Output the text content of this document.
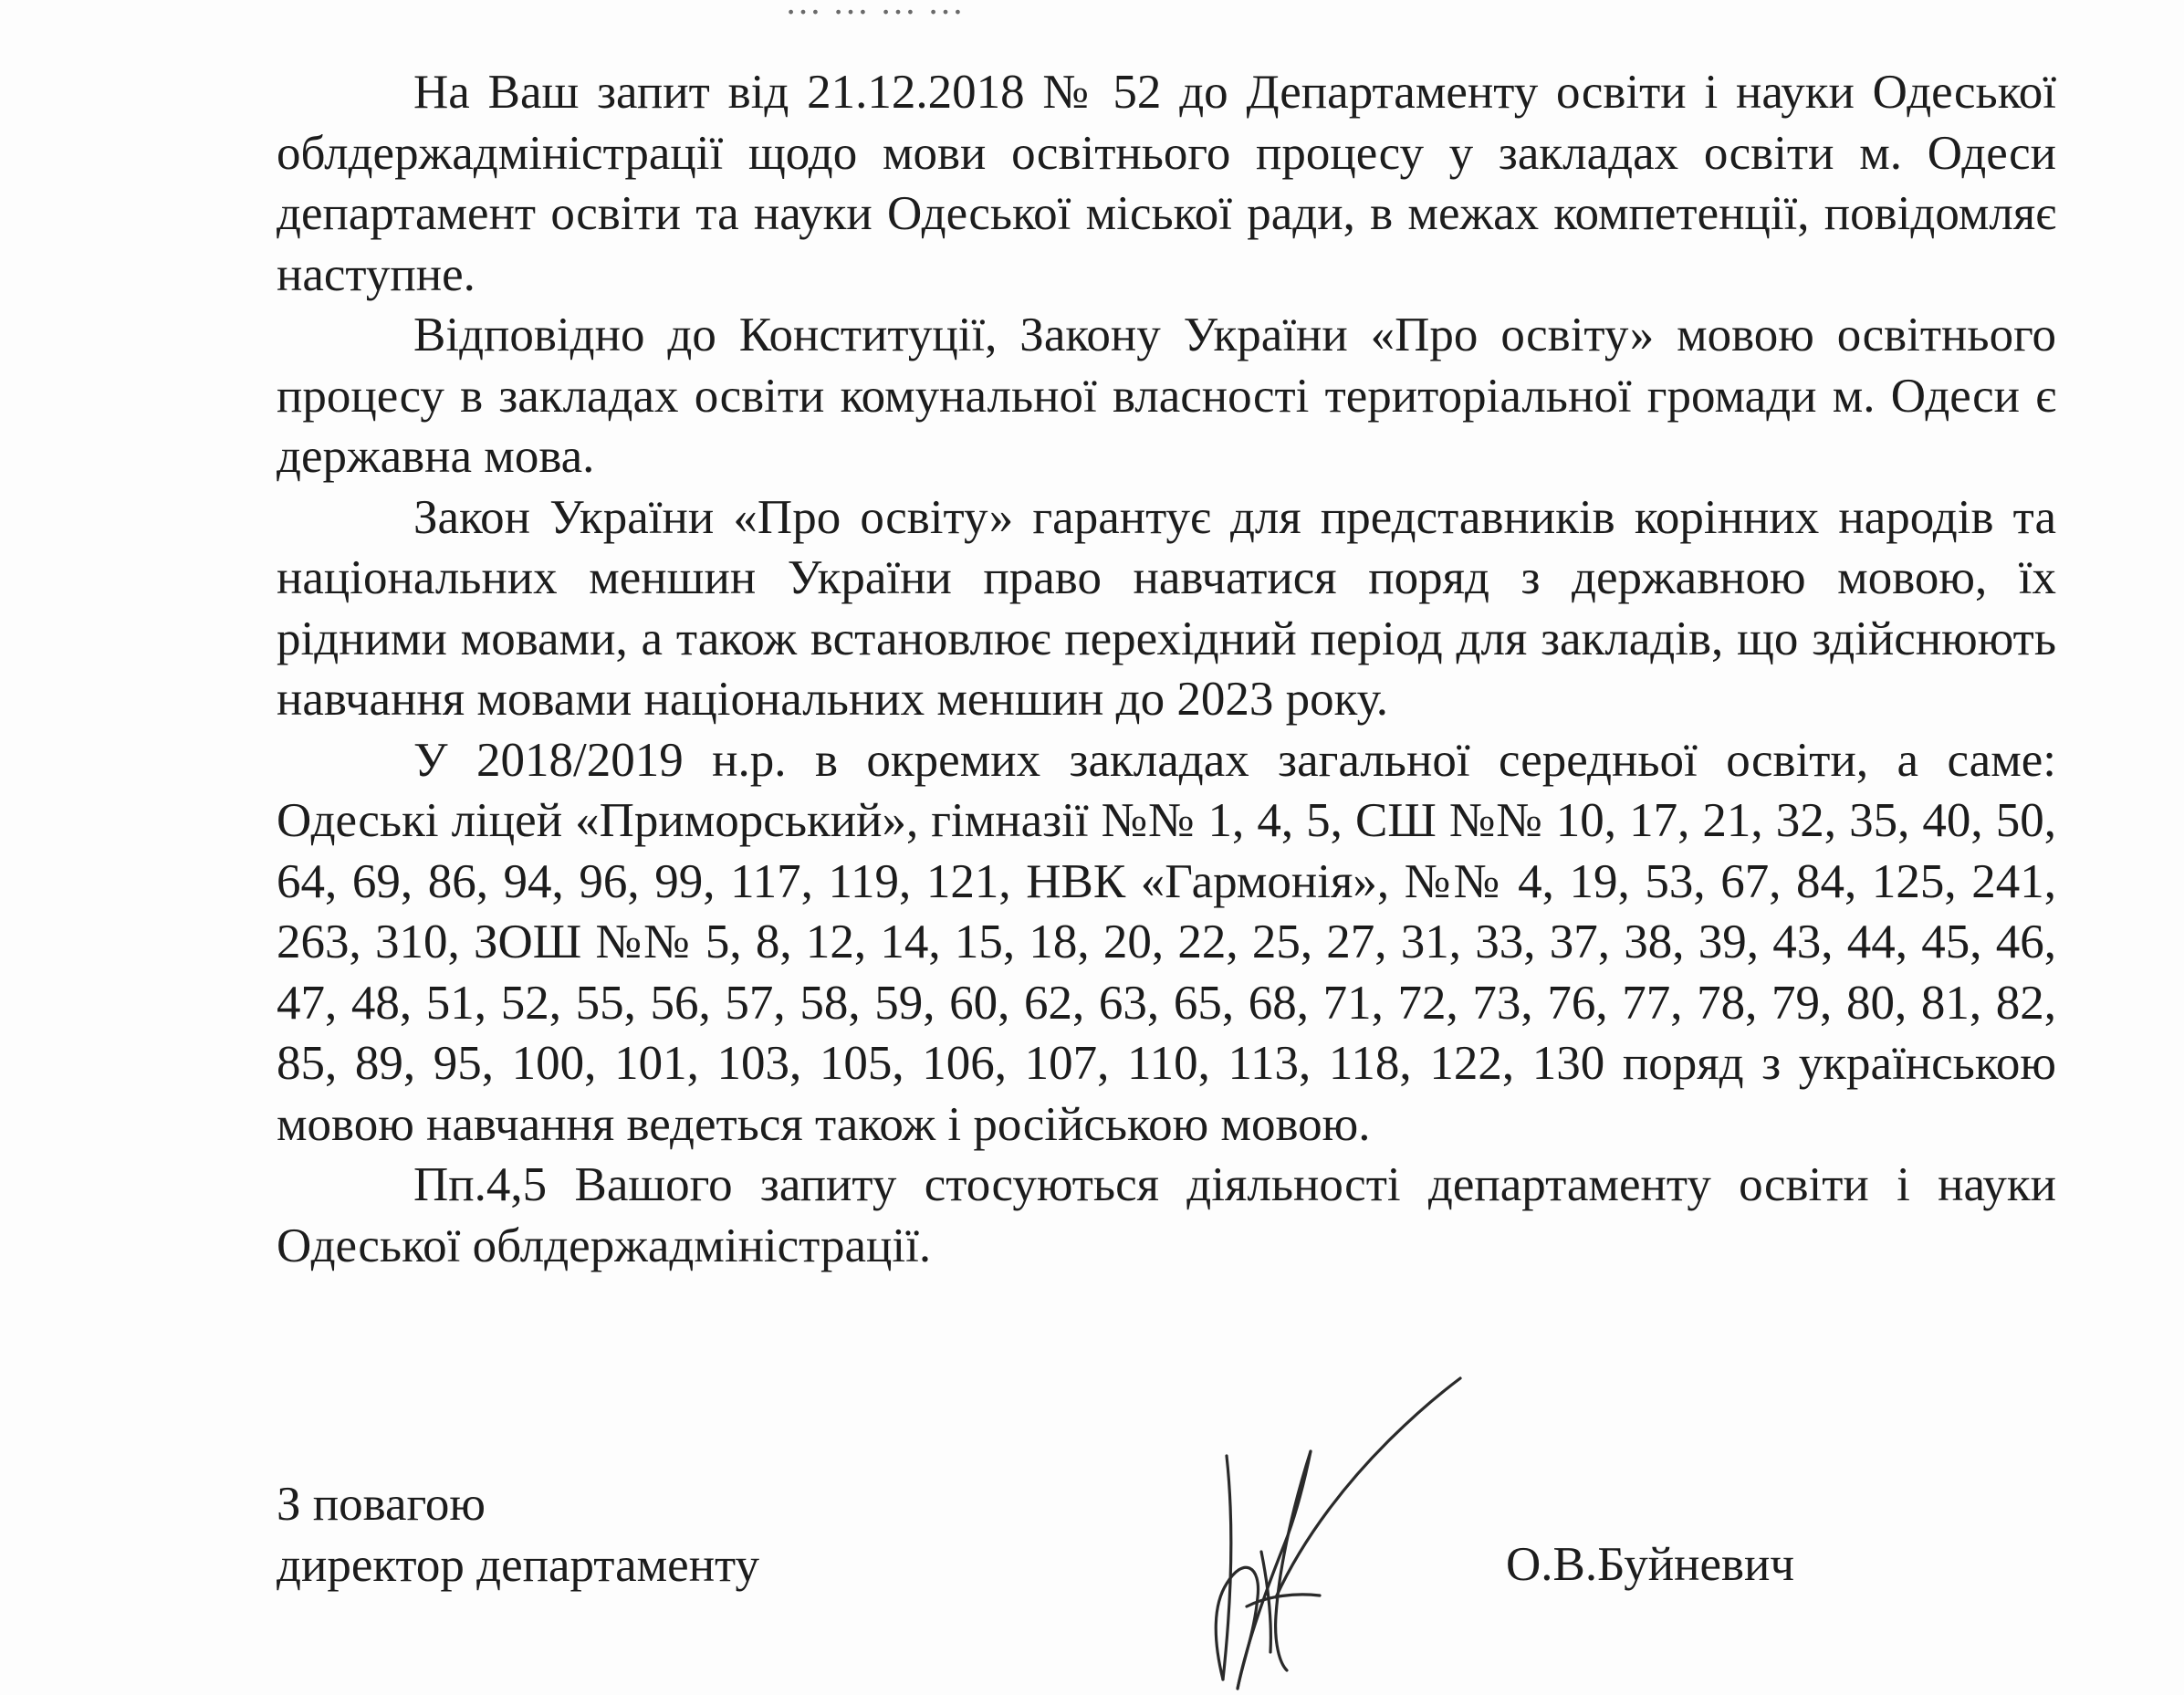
… … … …

На Ваш запит від 21.12.2018 № 52 до Департаменту освіти і науки Одеської облдержадміністрації щодо мови освітнього процесу у закладах освіти м. Одеси департамент освіти та науки Одеської міської ради, в межах компетенції, повідомляє наступне.

Відповідно до Конституції, Закону України «Про освіту» мовою освітнього процесу в закладах освіти комунальної власності територіальної громади м. Одеси є державна мова.

Закон України «Про освіту» гарантує для представників корінних народів та національних меншин України право навчатися поряд з державною мовою, їх рідними мовами, а також встановлює перехідний період для закладів, що здійснюють навчання мовами національних меншин до 2023 року.

У 2018/2019 н.р. в окремих закладах загальної середньої освіти, а саме: Одеські ліцей «Приморський», гімназії №№ 1, 4, 5, СШ №№ 10, 17, 21, 32, 35, 40, 50, 64, 69, 86, 94, 96, 99, 117, 119, 121, НВК «Гармонія», №№ 4, 19, 53, 67, 84, 125, 241, 263, 310, ЗОШ №№ 5, 8, 12, 14, 15, 18, 20, 22, 25, 27, 31, 33, 37, 38, 39, 43, 44, 45, 46, 47, 48, 51, 52, 55, 56, 57, 58, 59, 60, 62, 63, 65, 68, 71, 72, 73, 76, 77, 78, 79, 80, 81, 82, 85, 89, 95, 100, 101, 103, 105, 106, 107, 110, 113, 118, 122, 130 поряд з українською мовою навчання ведеться також і російською мовою.

Пп.4,5 Вашого запиту стосуються діяльності департаменту освіти і науки Одеської облдержадміністрації.

З повагою
директор департаменту	О.В.Буйневич
